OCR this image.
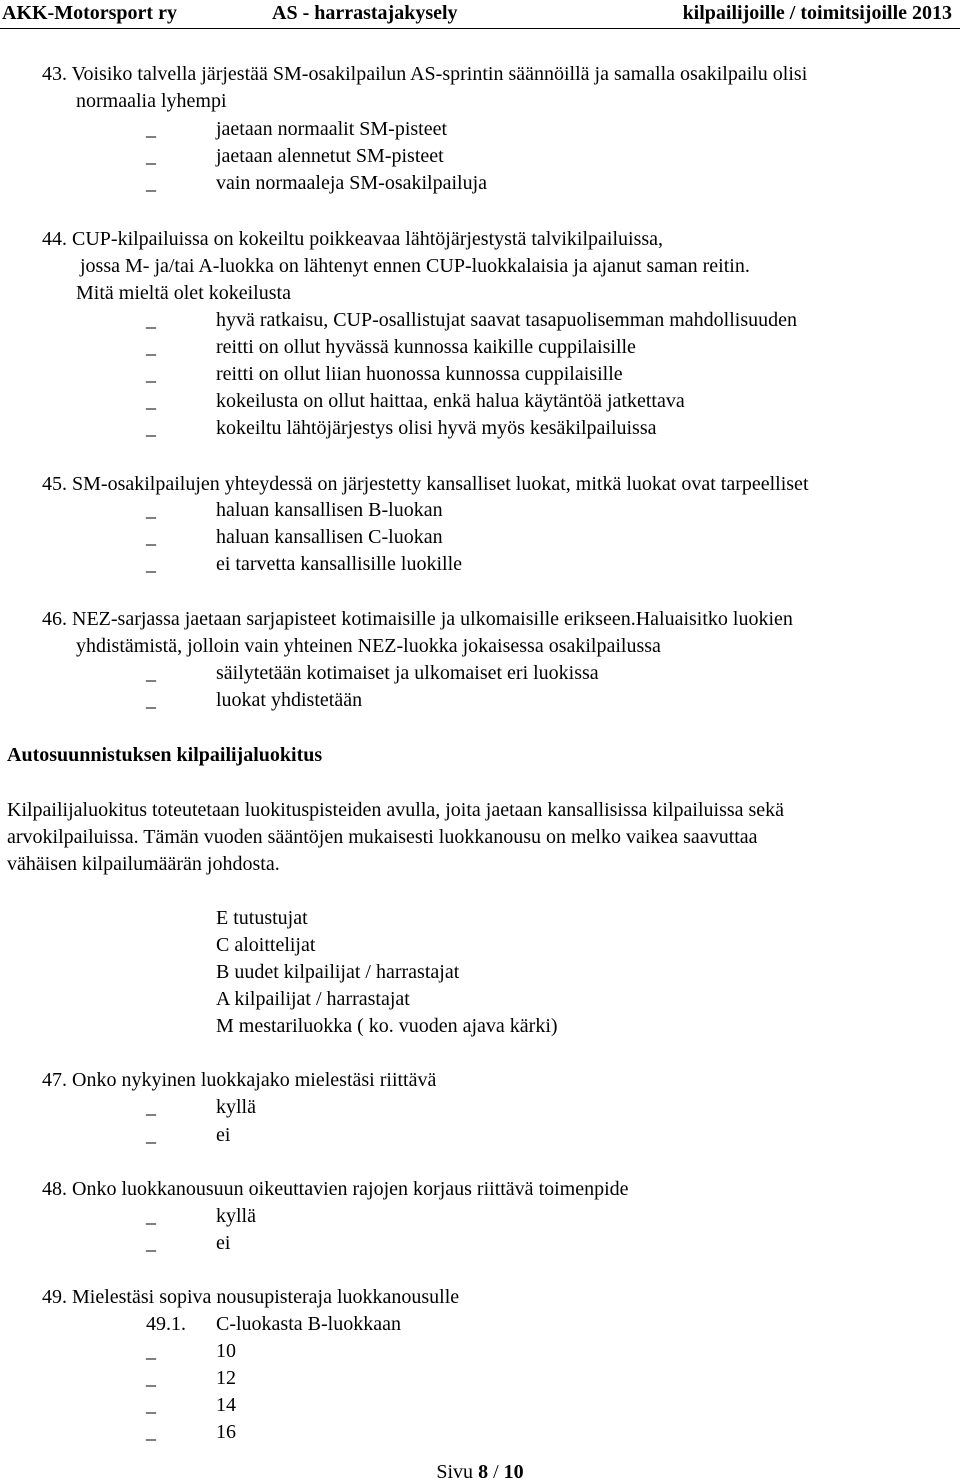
AKK-Motorsport ry	AS - harrastajakysely	kilpailijoille / toimitsijoille 2013
43. Voisiko talvella järjestää SM-osakilpailun AS-sprintin säännöillä ja samalla osakilpailu olisi
normaalia lyhempi
_	jaetaan normaalit SM-pisteet
_	jaetaan alennetut SM-pisteet
_	vain normaaleja SM-osakilpailuja
44. CUP-kilpailuissa on kokeiltu poikkeavaa lähtöjärjestystä talvikilpailuissa,
jossa M- ja/tai A-luokka on lähtenyt ennen CUP-luokkalaisia ja ajanut saman reitin.
Mitä mieltä olet kokeilusta
_	hyvä ratkaisu, CUP-osallistujat saavat tasapuolisemman mahdollisuuden
_	reitti on ollut hyvässä kunnossa kaikille cuppilaisille
_	reitti on ollut liian huonossa kunnossa cuppilaisille
_	kokeilusta on ollut haittaa, enkä halua käytäntöä jatkettava
_	kokeiltu lähtöjärjestys olisi hyvä myös kesäkilpailuissa
45. SM-osakilpailujen yhteydessä on järjestetty kansalliset luokat, mitkä luokat ovat tarpeelliset
_	haluan kansallisen B-luokan
_	haluan kansallisen C-luokan
_	ei tarvetta kansallisille luokille
46. NEZ-sarjassa jaetaan sarjapisteet kotimaisille ja ulkomaisille erikseen.Haluaisitko luokien
yhdistämistä, jolloin vain yhteinen NEZ-luokka jokaisessa osakilpailussa
_	säilytetään kotimaiset ja ulkomaiset eri luokissa
_	luokat yhdistetään
Autosuunnistuksen kilpailijaluokitus
Kilpailijaluokitus toteutetaan luokituspisteiden avulla, joita jaetaan kansallisissa kilpailuissa sekä
arvokilpailuissa. Tämän vuoden sääntöjen mukaisesti luokkanousu on melko vaikea saavuttaa
vähäisen kilpailumäärän johdosta.
E tutustujat
C aloittelijat
B uudet kilpailijat / harrastajat
A kilpailijat / harrastajat
M mestariluokka ( ko. vuoden ajava kärki)
47. Onko nykyinen luokkajako mielestäsi riittävä
_	kyllä
_	ei
48. Onko luokkanousuun oikeuttavien rajojen korjaus riittävä toimenpide
_	kyllä
_	ei
49. Mielestäsi sopiva nousupisteraja luokkanousulle
49.1. C-luokasta B-luokkaan
_	10
_	12
_	14
_	16
Sivu 8 / 10
